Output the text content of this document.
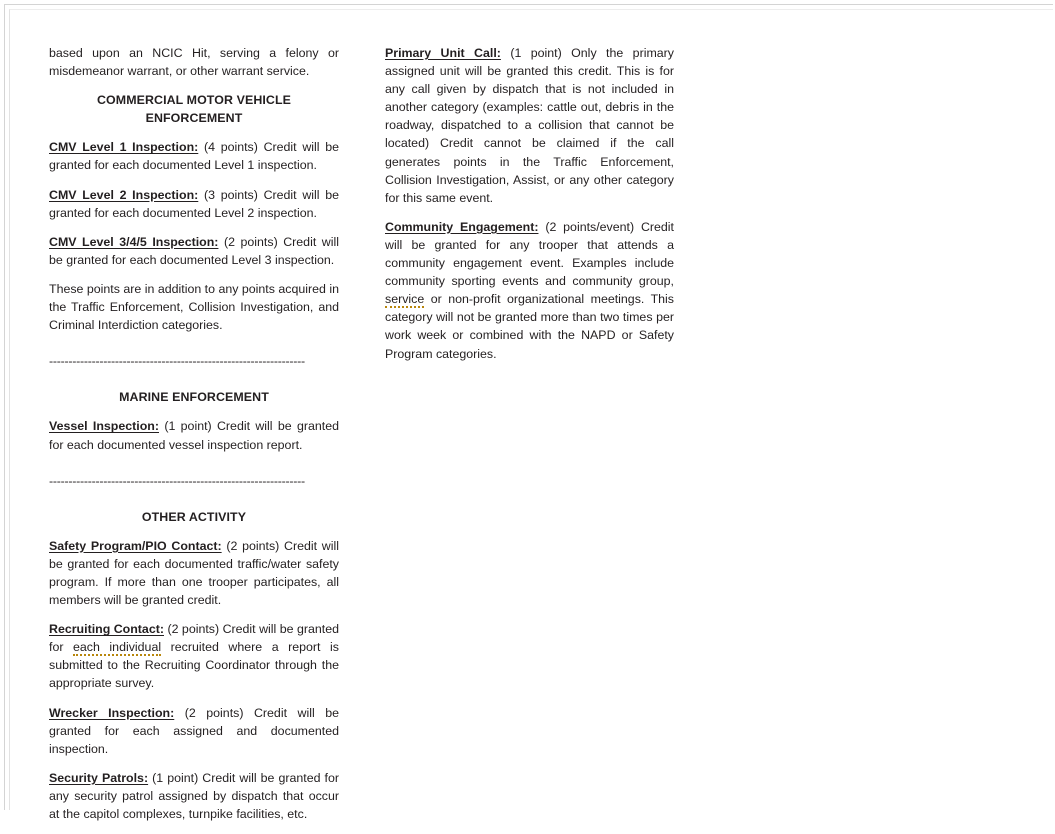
based upon an NCIC Hit, serving a felony or misdemeanor warrant, or other warrant service.

COMMERCIAL MOTOR VEHICLE ENFORCEMENT

CMV Level 1 Inspection: (4 points) Credit will be granted for each documented Level 1 inspection.

CMV Level 2 Inspection: (3 points) Credit will be granted for each documented Level 2 inspection.

CMV Level 3/4/5 Inspection: (2 points) Credit will be granted for each documented Level 3 inspection.

These points are in addition to any points acquired in the Traffic Enforcement, Collision Investigation, and Criminal Interdiction categories.

------------------------------------------------------------------
MARINE ENFORCEMENT

Vessel Inspection: (1 point) Credit will be granted for each documented vessel inspection report.

------------------------------------------------------------------
OTHER ACTIVITY

Safety Program/PIO Contact: (2 points) Credit will be granted for each documented traffic/water safety program. If more than one trooper participates, all members will be granted credit.

Recruiting Contact: (2 points) Credit will be granted for each individual recruited where a report is submitted to the Recruiting Coordinator through the appropriate survey.

Wrecker Inspection: (2 points) Credit will be granted for each assigned and documented inspection.

Security Patrols: (1 point) Credit will be granted for any security patrol assigned by dispatch that occur at the capitol complexes, turnpike facilities, etc.

Primary Unit Call: (1 point) Only the primary assigned unit will be granted this credit. This is for any call given by dispatch that is not included in another category (examples: cattle out, debris in the roadway, dispatched to a collision that cannot be located) Credit cannot be claimed if the call generates points in the Traffic Enforcement, Collision Investigation, Assist, or any other category for this same event.

Community Engagement: (2 points/event) Credit will be granted for any trooper that attends a community engagement event. Examples include community sporting events and community group, service or non-profit organizational meetings. This category will not be granted more than two times per work week or combined with the NAPD or Safety Program categories.
